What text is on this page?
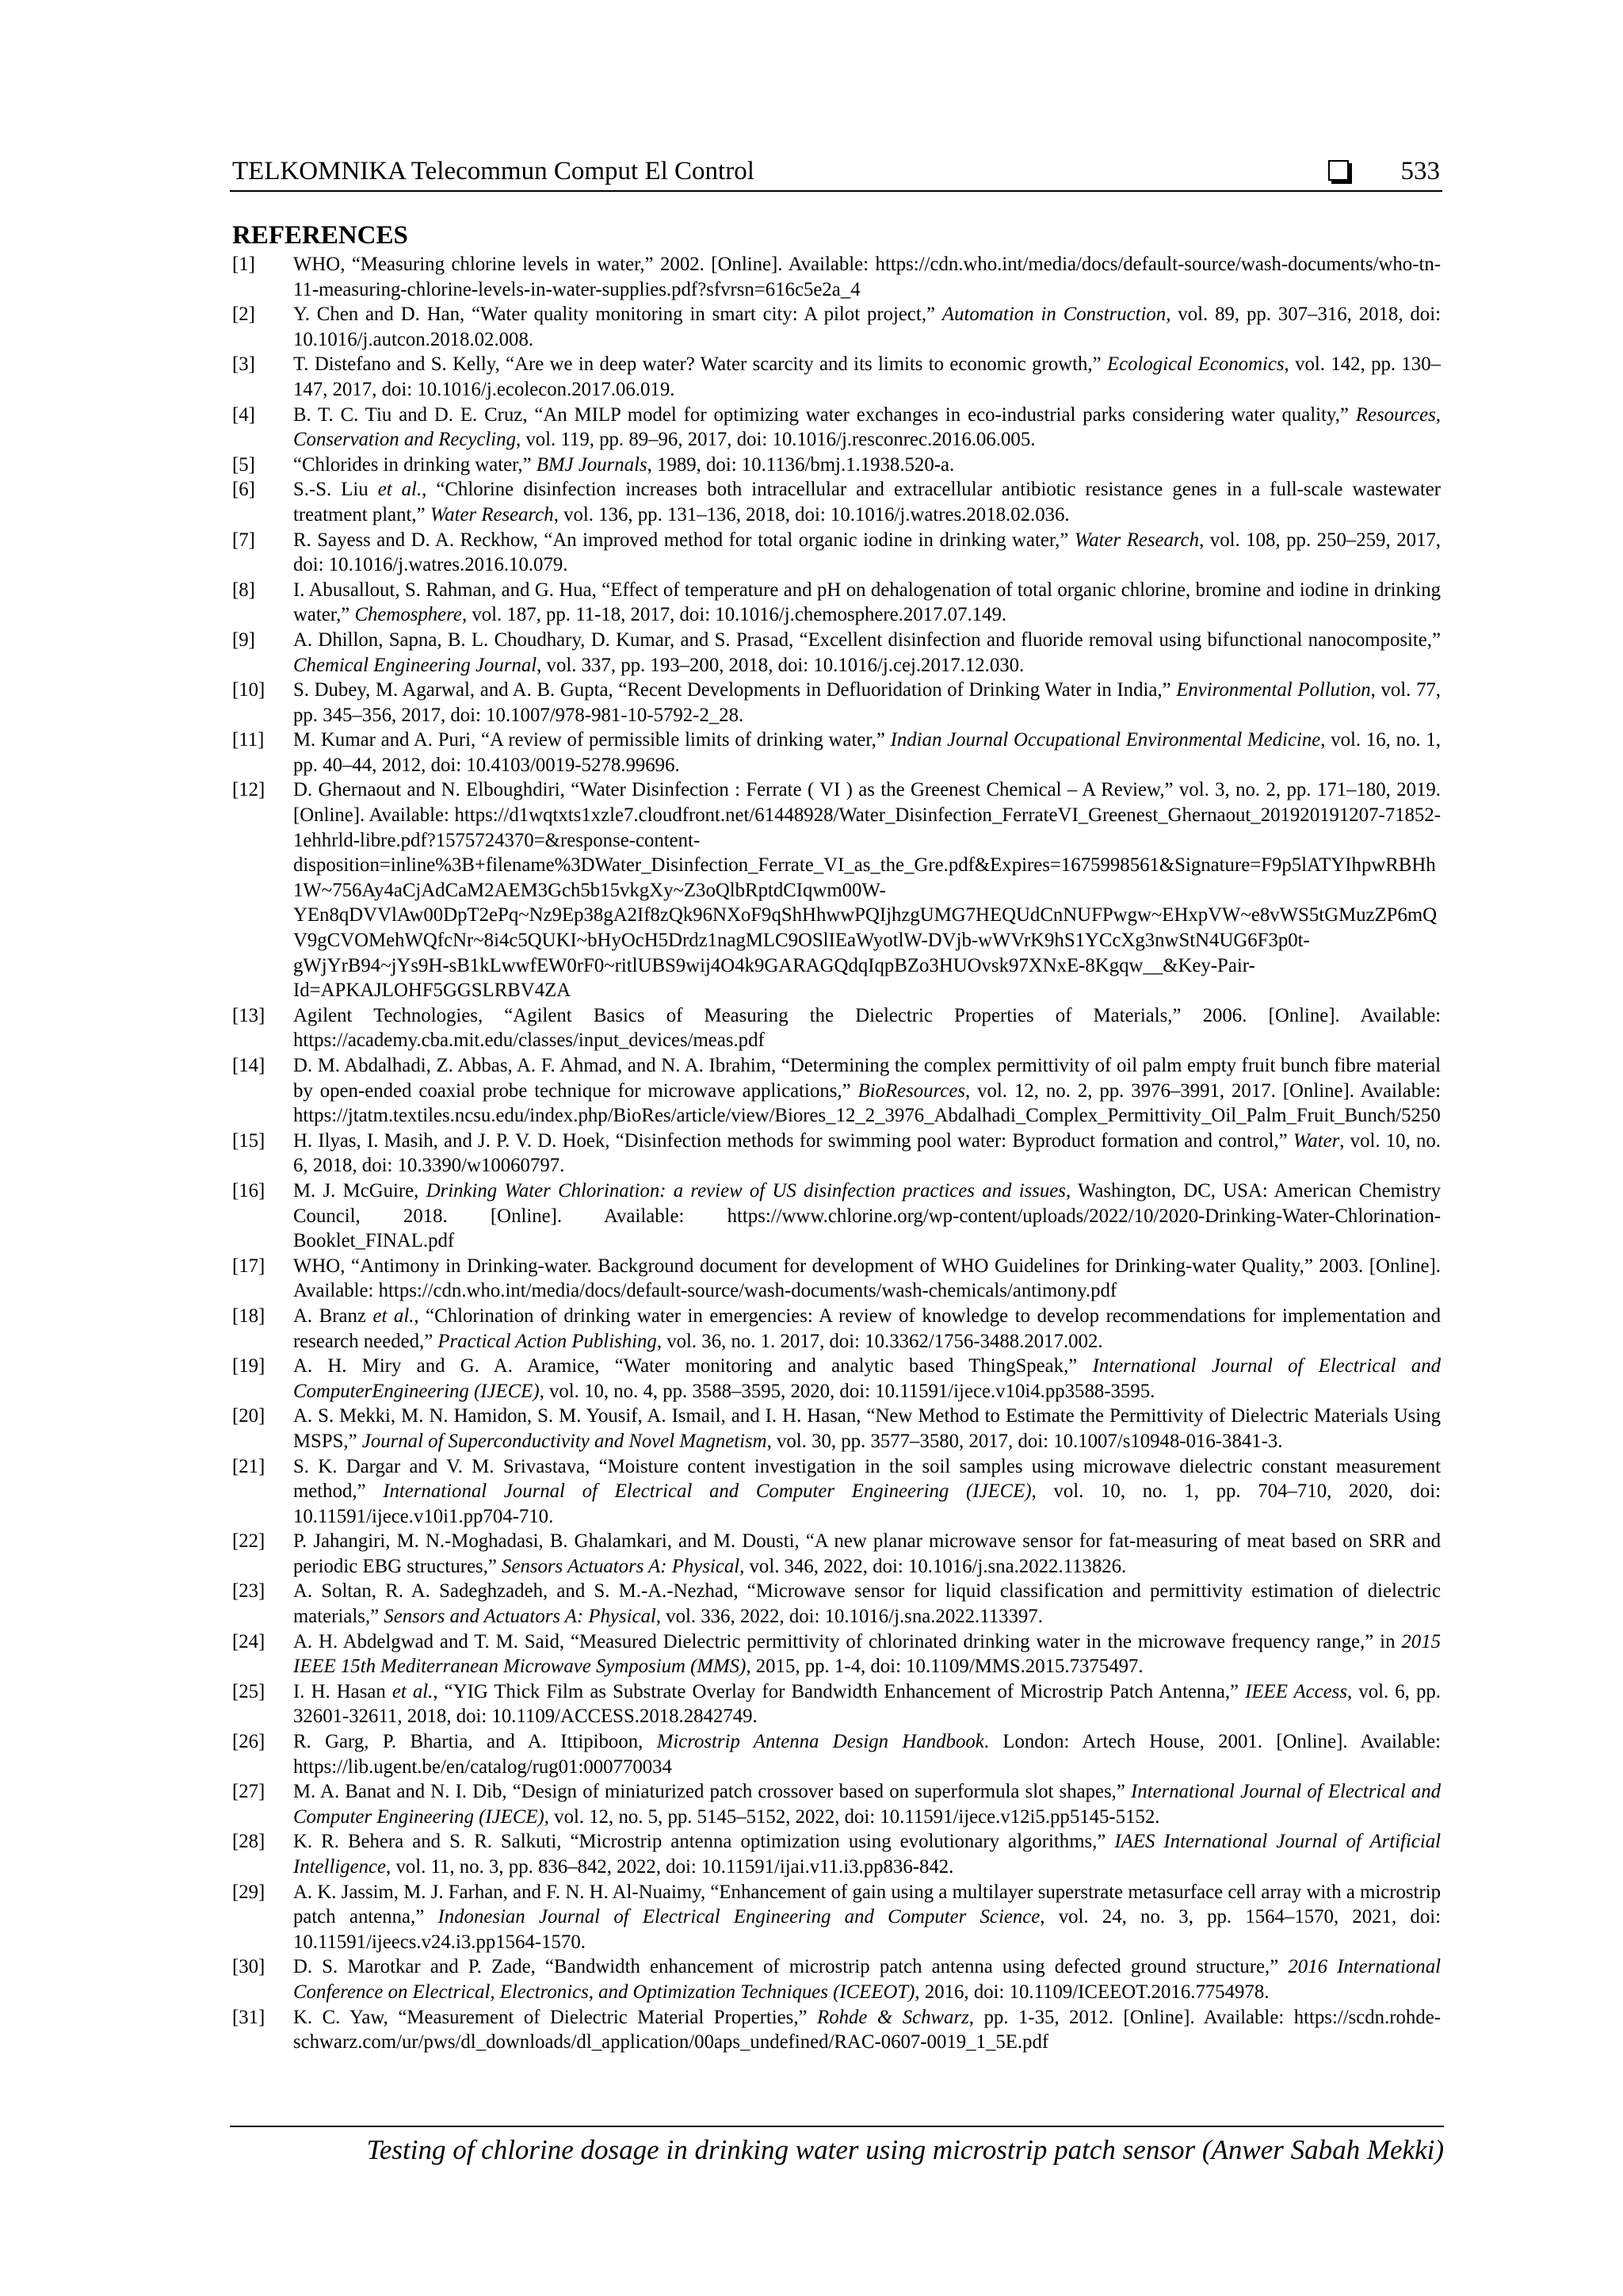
TELKOMNIKA Telecommun Comput El Control	533
REFERENCES
[1] WHO, “Measuring chlorine levels in water,” 2002. [Online]. Available: https://cdn.who.int/media/docs/default-source/wash-documents/who-tn-11-measuring-chlorine-levels-in-water-supplies.pdf?sfvrsn=616c5e2a_4
[2] Y. Chen and D. Han, “Water quality monitoring in smart city: A pilot project,” Automation in Construction, vol. 89, pp. 307–316, 2018, doi: 10.1016/j.autcon.2018.02.008.
[3] T. Distefano and S. Kelly, “Are we in deep water? Water scarcity and its limits to economic growth,” Ecological Economics, vol. 142, pp. 130–147, 2017, doi: 10.1016/j.ecolecon.2017.06.019.
[4] B. T. C. Tiu and D. E. Cruz, “An MILP model for optimizing water exchanges in eco-industrial parks considering water quality,” Resources, Conservation and Recycling, vol. 119, pp. 89–96, 2017, doi: 10.1016/j.resconrec.2016.06.005.
[5] “Chlorides in drinking water,” BMJ Journals, 1989, doi: 10.1136/bmj.1.1938.520-a.
[6] S.-S. Liu et al., “Chlorine disinfection increases both intracellular and extracellular antibiotic resistance genes in a full-scale wastewater treatment plant,” Water Research, vol. 136, pp. 131–136, 2018, doi: 10.1016/j.watres.2018.02.036.
[7] R. Sayess and D. A. Reckhow, “An improved method for total organic iodine in drinking water,” Water Research, vol. 108, pp. 250–259, 2017, doi: 10.1016/j.watres.2016.10.079.
[8] I. Abusallout, S. Rahman, and G. Hua, “Effect of temperature and pH on dehalogenation of total organic chlorine, bromine and iodine in drinking water,” Chemosphere, vol. 187, pp. 11-18, 2017, doi: 10.1016/j.chemosphere.2017.07.149.
[9] A. Dhillon, Sapna, B. L. Choudhary, D. Kumar, and S. Prasad, “Excellent disinfection and fluoride removal using bifunctional nanocomposite,” Chemical Engineering Journal, vol. 337, pp. 193–200, 2018, doi: 10.1016/j.cej.2017.12.030.
[10] S. Dubey, M. Agarwal, and A. B. Gupta, “Recent Developments in Defluoridation of Drinking Water in India,” Environmental Pollution, vol. 77, pp. 345–356, 2017, doi: 10.1007/978-981-10-5792-2_28.
[11] M. Kumar and A. Puri, “A review of permissible limits of drinking water,” Indian Journal Occupational Environmental Medicine, vol. 16, no. 1, pp. 40–44, 2012, doi: 10.4103/0019-5278.99696.
[12] D. Ghernaout and N. Elboughdiri, “Water Disinfection : Ferrate ( VI ) as the Greenest Chemical – A Review,” vol. 3, no. 2, pp. 171–180, 2019. [Online]. Available: https://d1wqtxts1xzle7.cloudfront.net/61448928/Water_Disinfection_FerrateVI_Greenest_Ghernaout_201920191207-71852-1ehhrld-libre.pdf?1575724370=&response-content-disposition=inline%3B+filename%3DWater_Disinfection_Ferrate_VI_as_the_Gre.pdf&Expires=1675998561&Signature=F9p5lATYIhpwRBHh1W~756Ay4aCjAdCaM2AEM3Gch5b15vkgXy~Z3oQlbRptdCIqwm00W-YEn8qDVVlAw00DpT2ePq~Nz9Ep38gA2If8zQk96NXoF9qShHhwwPQIjhzgUMG7HEQUdCnNUFPwgw~EHxpVW~e8vWS5tGMuzZP6mQV9gCVOMehWQfcNr~8i4c5QUKI~bHyOcH5Drdz1nagMLC9OSlIEaWyotlW-DVjb-wWVrK9hS1YCcXg3nwStN4UG6F3p0t-gWjYrB94~jYs9H-sB1kLwwfEW0rF0~ritlUBS9wij4O4k9GARAGQdqIqpBZo3HUOvsk97XNxE-8Kgqw__&Key-Pair-Id=APKAJLOHF5GGSLRBV4ZA
[13] Agilent Technologies, “Agilent Basics of Measuring the Dielectric Properties of Materials,” 2006. [Online]. Available: https://academy.cba.mit.edu/classes/input_devices/meas.pdf
[14] D. M. Abdalhadi, Z. Abbas, A. F. Ahmad, and N. A. Ibrahim, “Determining the complex permittivity of oil palm empty fruit bunch fibre material by open-ended coaxial probe technique for microwave applications,” BioResources, vol. 12, no. 2, pp. 3976–3991, 2017. [Online]. Available: https://jtatm.textiles.ncsu.edu/index.php/BioRes/article/view/Biores_12_2_3976_Abdalhadi_Complex_Permittivity_Oil_Palm_Fruit_Bunch/5250
[15] H. Ilyas, I. Masih, and J. P. V. D. Hoek, “Disinfection methods for swimming pool water: Byproduct formation and control,” Water, vol. 10, no. 6, 2018, doi: 10.3390/w10060797.
[16] M. J. McGuire, Drinking Water Chlorination: a review of US disinfection practices and issues, Washington, DC, USA: American Chemistry Council, 2018. [Online]. Available: https://www.chlorine.org/wp-content/uploads/2022/10/2020-Drinking-Water-Chlorination-Booklet_FINAL.pdf
[17] WHO, “Antimony in Drinking-water. Background document for development of WHO Guidelines for Drinking-water Quality,” 2003. [Online]. Available: https://cdn.who.int/media/docs/default-source/wash-documents/wash-chemicals/antimony.pdf
[18] A. Branz et al., “Chlorination of drinking water in emergencies: A review of knowledge to develop recommendations for implementation and research needed,” Practical Action Publishing, vol. 36, no. 1. 2017, doi: 10.3362/1756-3488.2017.002.
[19] A. H. Miry and G. A. Aramice, “Water monitoring and analytic based ThingSpeak,” International Journal of Electrical and ComputerEngineering (IJECE), vol. 10, no. 4, pp. 3588–3595, 2020, doi: 10.11591/ijece.v10i4.pp3588-3595.
[20] A. S. Mekki, M. N. Hamidon, S. M. Yousif, A. Ismail, and I. H. Hasan, “New Method to Estimate the Permittivity of Dielectric Materials Using MSPS,” Journal of Superconductivity and Novel Magnetism, vol. 30, pp. 3577–3580, 2017, doi: 10.1007/s10948-016-3841-3.
[21] S. K. Dargar and V. M. Srivastava, “Moisture content investigation in the soil samples using microwave dielectric constant measurement method,” International Journal of Electrical and Computer Engineering (IJECE), vol. 10, no. 1, pp. 704–710, 2020, doi: 10.11591/ijece.v10i1.pp704-710.
[22] P. Jahangiri, M. N.-Moghadasi, B. Ghalamkari, and M. Dousti, “A new planar microwave sensor for fat-measuring of meat based on SRR and periodic EBG structures,” Sensors Actuators A: Physical, vol. 346, 2022, doi: 10.1016/j.sna.2022.113826.
[23] A. Soltan, R. A. Sadeghzadeh, and S. M.-A.-Nezhad, “Microwave sensor for liquid classification and permittivity estimation of dielectric materials,” Sensors and Actuators A: Physical, vol. 336, 2022, doi: 10.1016/j.sna.2022.113397.
[24] A. H. Abdelgwad and T. M. Said, “Measured Dielectric permittivity of chlorinated drinking water in the microwave frequency range,” in 2015 IEEE 15th Mediterranean Microwave Symposium (MMS), 2015, pp. 1-4, doi: 10.1109/MMS.2015.7375497.
[25] I. H. Hasan et al., “YIG Thick Film as Substrate Overlay for Bandwidth Enhancement of Microstrip Patch Antenna,” IEEE Access, vol. 6, pp. 32601-32611, 2018, doi: 10.1109/ACCESS.2018.2842749.
[26] R. Garg, P. Bhartia, and A. Ittipiboon, Microstrip Antenna Design Handbook. London: Artech House, 2001. [Online]. Available: https://lib.ugent.be/en/catalog/rug01:000770034
[27] M. A. Banat and N. I. Dib, “Design of miniaturized patch crossover based on superformula slot shapes,” International Journal of Electrical and Computer Engineering (IJECE), vol. 12, no. 5, pp. 5145–5152, 2022, doi: 10.11591/ijece.v12i5.pp5145-5152.
[28] K. R. Behera and S. R. Salkuti, “Microstrip antenna optimization using evolutionary algorithms,” IAES International Journal of Artificial Intelligence, vol. 11, no. 3, pp. 836–842, 2022, doi: 10.11591/ijai.v11.i3.pp836-842.
[29] A. K. Jassim, M. J. Farhan, and F. N. H. Al-Nuaimy, “Enhancement of gain using a multilayer superstrate metasurface cell array with a microstrip patch antenna,” Indonesian Journal of Electrical Engineering and Computer Science, vol. 24, no. 3, pp. 1564–1570, 2021, doi: 10.11591/ijeecs.v24.i3.pp1564-1570.
[30] D. S. Marotkar and P. Zade, “Bandwidth enhancement of microstrip patch antenna using defected ground structure,” 2016 International Conference on Electrical, Electronics, and Optimization Techniques (ICEEOT), 2016, doi: 10.1109/ICEEOT.2016.7754978.
[31] K. C. Yaw, “Measurement of Dielectric Material Properties,” Rohde & Schwarz, pp. 1-35, 2012. [Online]. Available: https://scdn.rohde-schwarz.com/ur/pws/dl_downloads/dl_application/00aps_undefined/RAC-0607-0019_1_5E.pdf
Testing of chlorine dosage in drinking water using microstrip patch sensor (Anwer Sabah Mekki)
